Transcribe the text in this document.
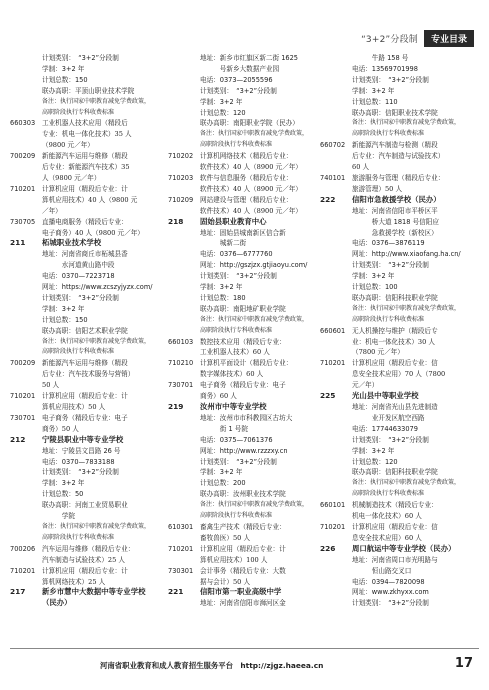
“3+2”分段制	专业目录
计划类别：　“3+2”分段制
学制：3+2 年
计划总数：150
联办高职：平顶山职业技术学院
备注：执行国家中职教育减免学费政策，
高职阶段执行专科收费标准
660303	工业机器人技术应用（精段后
专业：机电一体化技术）35 人
（9800 元／年）
700209	新能源汽车运用与维修（精段
后专业：新能源汽车技术）35
人（9800 元／年）
710201	计算机应用（精段后专业：计
算机应用技术）40 人（9800 元
／年）
730705	直播电商服务（精段后专业：
电子商务）40 人（9800 元／年）
211	柘城职业技术学校
地址：河南省商丘市柘城县香
　　　水河道黄山路中段
电话：0370—7223718
网址：https://www.zcszyjyzx.com/
计划类别：　“3+2”分段制
学制：3+2 年
计划总数：150
联办高职：信阳艺术职业学院
备注：执行国家中职教育减免学费政策，
高职阶段执行专科收费标准
700209	新能源汽车运用与维修（精段
后专业：汽车技术服务与营销）
50 人
710201	计算机应用（精段后专业：计
算机应用技术）50 人
730701	电子商务（精段后专业：电子
商务）50 人
212	宁陵县职业中等专业学校
地址：宁陵县文昌路 26 号
电话：0370—7833188
计划类别：　“3+2”分段制
学制：3+2 年
计划总数：50
联办高职：河南工业贸易职业
　　　学院
备注：执行国家中职教育减免学费政策，
高职阶段执行专科收费标准
700206	汽车运用与维修（精段后专业：
汽车制造与试验技术）25 人
710201	计算机应用（精段后专业：计
算机网络技术）25 人
217	新乡市慧中大数据中等专业学校
（民办）
地址：新乡市红旗区新二街 1625
　　　号新乡大数据产业园
电话：0373—2055596
计划类别：　“3+2”分段制
学制：3+2 年
计划总数：120
联办高职：南阳职业学院（民办）
备注：执行国家中职教育减免学费政策，
高职阶段执行专科收费标准
710202	计算机网络技术（精段后专业：
软件技术）40 人（8900 元／年）
710203	软件与信息服务（精段后专业：
软件技术）40 人（8900 元／年）
710209	网站建设与管理（精段后专业：
软件技术）40 人（8900 元／年）
218	固始县职业教育中心
地址：固始县城南新区信合新
　　　城新二街
电话：0376—6777760
网址：http://gszjzx.gtjiaoyu.com/
计划类别：　“3+2”分段制
学制：3+2 年
计划总数：180
联办高职：南阳地矿职业学院
备注：执行国家中职教育减免学费政策，
高职阶段执行专科收费标准
660103	数控技术应用（精段后专业：
工业机器人技术）60 人
710210	计算机平面设计（精段后专业：
数字媒体技术）60 人
730701	电子商务（精段后专业：电子
商务）60 人
219	汝州市中等专业学校
地址：汝州市市科教园区古坊大
　　　街 1 号院
电话：0375—7061376
网址：http://www.rzzzxy.cn
计划类别：　“3+2”分段制
学制：3+2 年
计划总数：200
联办高职：汝州职业技术学院
备注：执行国家中职教育减免学费政策，
高职阶段执行专科收费标准
610301	畜禽生产技术（精段后专业：
畜牧兽医）50 人
710201	计算机应用（精段后专业：计
算机应用技术）100 人
730301	会计事务（精段后专业：大数
据与会计）50 人
221	信阳市第一职业高级中学
地址：河南省信阳市浉河区金
　　　牛路 158 号
电话：13569701998
计划类别：　“3+2”分段制
学制：3+2 年
计划总数：110
联办高职：信阳职业技术学院
备注：执行国家中职教育减免学费政策，
高职阶段执行专科收费标准
660702	新能源汽车制造与检测（精段
后专业：汽车制造与试验技术）
60 人
740101	旅游服务与管理（精段后专业：
旅游管理）50 人
222	信阳市急救援学校（民办）
地址：河南省信阳市平桥区平
　　　桥大道 1818 号信阳应
　　　急救援学校（新校区）
电话：0376—3876119
网址：http://www.xiaofang.ha.cn/
计划类别：　“3+2”分段制
学制：3+2 年
计划总数：100
联办高职：信阳科技职业学院
备注：执行国家中职教育减免学费政策，
高职阶段执行专科收费标准
660601	无人机操控与维护（精段后专
业：机电一体化技术）30 人
（7800 元／年）
710201	计算机应用（精段后专业：信
息安全技术应用）70 人（7800
元／年）
225	光山县中等职业学校
地址：河南省光山县先进制造
　　　业开发区航空西路
电话：17744633079
计划类别：　“3+2”分段制
学制：3+2 年
计划总数：120
联办高职：信阳科技职业学院
备注：执行国家中职教育减免学费政策，
高职阶段执行专科收费标准
660101	机械制造技术（精段后专业：
机电一体化技术）60 人
710201	计算机应用（精段后专业：信
息安全技术应用）60 人
226	周口航运中等专业学校（民办）
地址：河南省周口市光明路与
　　　恒山路交叉口
电话：0394—7820098
网址：www.zkhyxx.com
计划类别：　“3+2”分段制
河南省职业教育和成人教育招生服务平台　http://zjgz.haeea.cn	17
